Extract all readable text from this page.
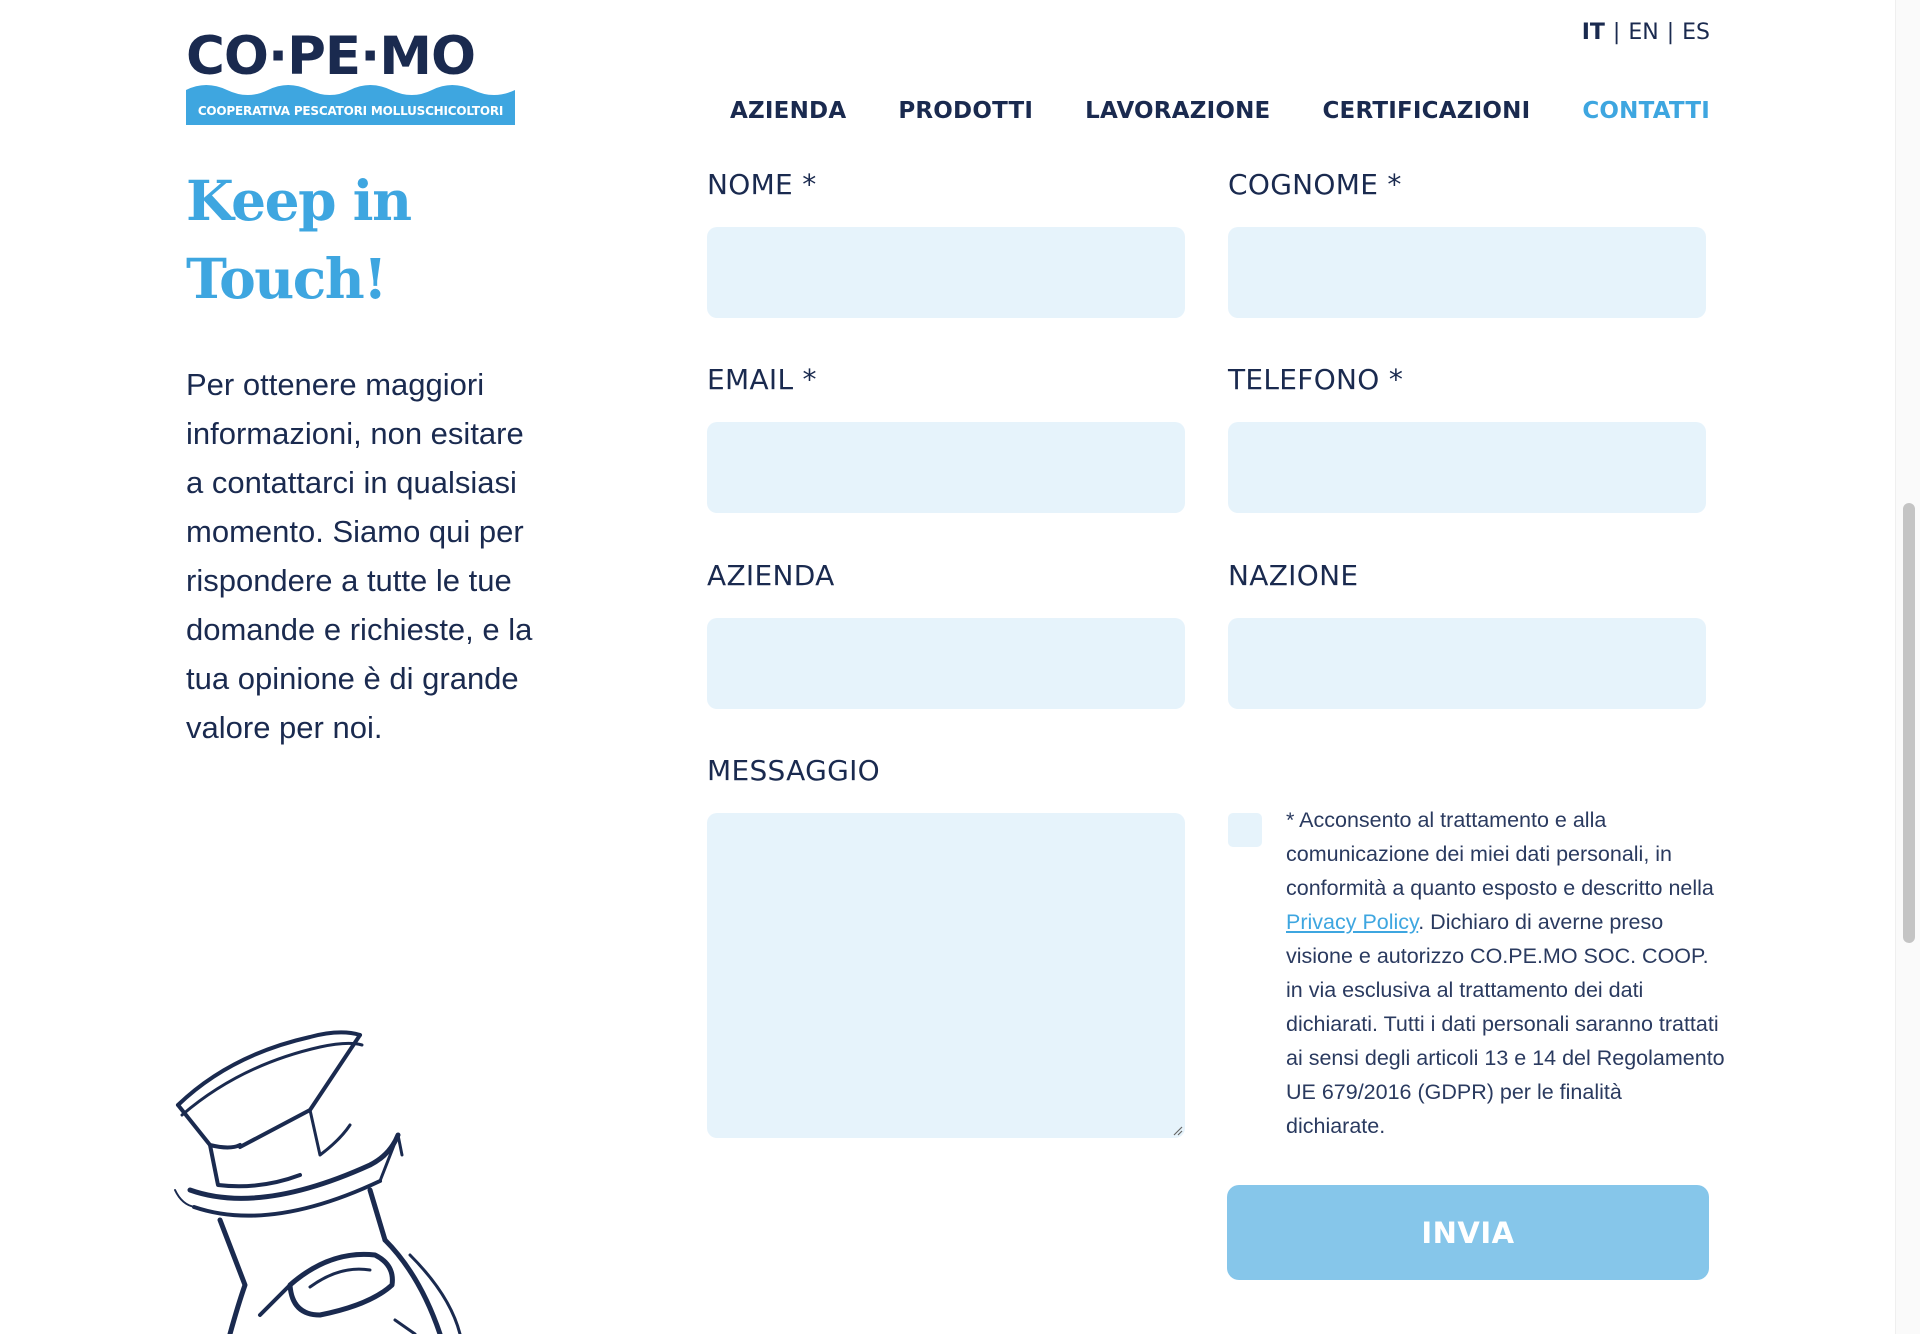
CO·PE·MO
COOPERATIVA PESCATORI MOLLUSCHICOLTORI
IT | EN | ES
AZIENDA PRODOTTI LAVORAZIONE CERTIFICAZIONI CONTATTI
Keep in Touch!

Per ottenere maggiori informazioni, non esitare a contattarci in qualsiasi momento. Siamo qui per rispondere a tutte le tue domande e richieste, e la tua opinione è di grande valore per noi.

NOME *	COGNOME *
EMAIL *	TELEFONO *
AZIENDA	NAZIONE
MESSAGGIO

* Acconsento al trattamento e alla comunicazione dei miei dati personali, in conformità a quanto esposto e descritto nella Privacy Policy. Dichiaro di averne preso visione e autorizzo CO.PE.MO SOC. COOP. in via esclusiva al trattamento dei dati dichiarati. Tutti i dati personali saranno trattati ai sensi degli articoli 13 e 14 del Regolamento UE 679/2016 (GDPR) per le finalità dichiarate.

INVIA
